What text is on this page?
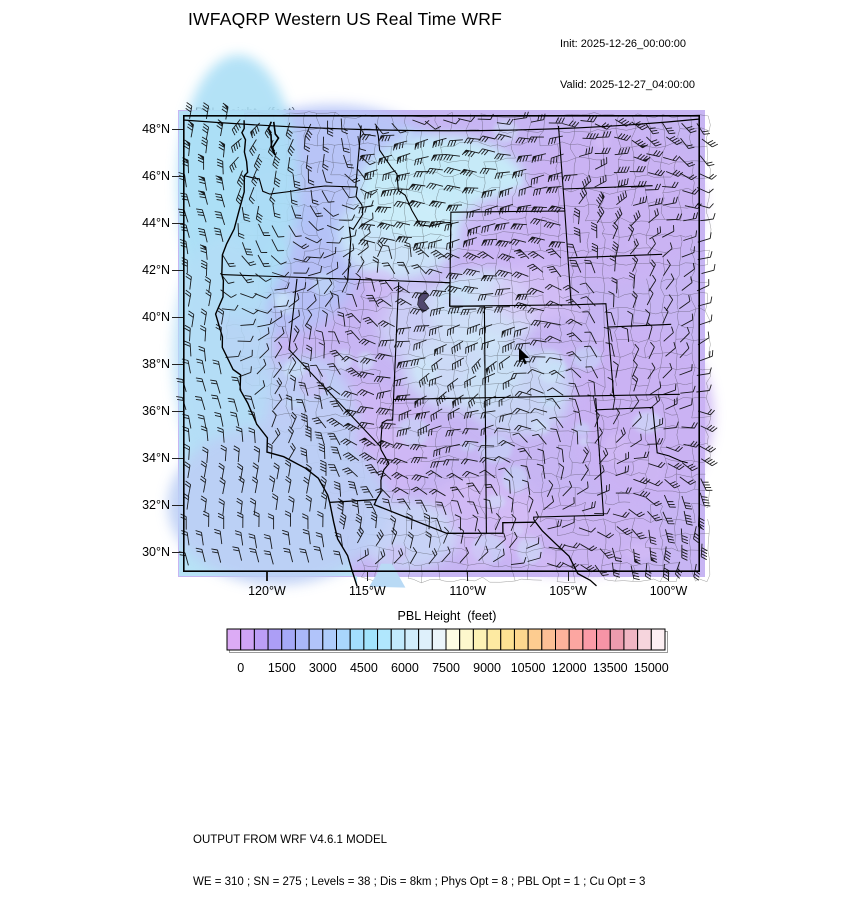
IWFAQRP Western US Real Time WRF

Init: 2025-12-26_00:00:00

Valid: 2025-12-27_04:00:00

48°N
46°N
44°N
42°N
40°N
38°N
36°N
34°N
32°N
30°N
120°W	115°W	110°W	105°W	100°W
PBL Height  (feet)
0	1500	3000	4500	6000	7500	9000 10500 12000 13500 15000

OUTPUT FROM WRF V4.6.1 MODEL

WE = 310 ; SN = 275 ; Levels = 38 ; Dis = 8km ; Phys Opt = 8 ; PBL Opt = 1 ; Cu Opt = 3
